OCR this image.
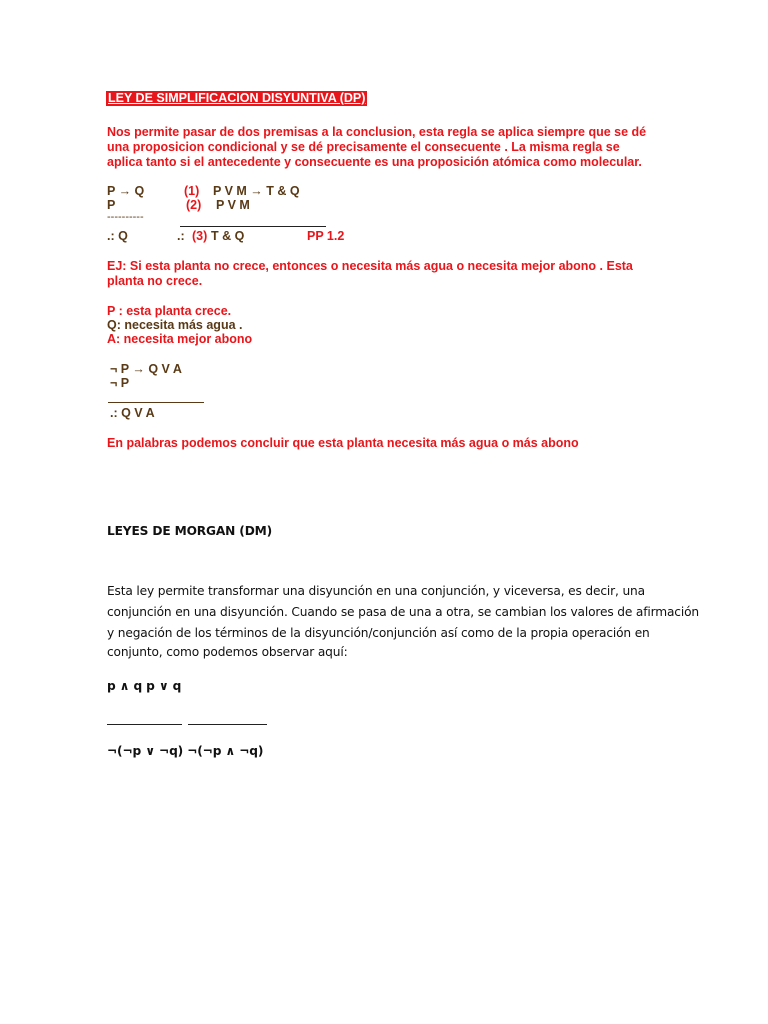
LEY DE SIMPLIFICACION DISYUNTIVA (DP)
Nos permite pasar de dos premisas a la conclusion, esta regla se aplica siempre que se dé
una proposicion condicional y se dé precisamente el consecuente . La misma regla se
aplica tanto si el antecedente y consecuente es una proposición atómica como molecular.
P → Q
P
----------
.: Q
(1) P V M → T & Q
(2) P V M
.: (3) T & Q	PP 1.2
EJ: Si esta planta no crece, entonces o necesita más agua o necesita mejor abono . Esta
planta no crece.
P : esta planta crece.
Q: necesita más agua .
A: necesita mejor abono
¬ P → Q V A
¬ P
.: Q V A
En palabras podemos concluir que esta planta necesita más agua o más abono
LEYES DE MORGAN (DM)
Esta ley permite transformar una disyunción en una conjunción, y viceversa, es decir, una
conjunción en una disyunción. Cuando se pasa de una a otra, se cambian los valores de afirmación
y negación de los términos de la disyunción/conjunción así como de la propia operación en
conjunto, como podemos observar aquí:
p ∧ q p ∨ q
¬(¬p ∨ ¬q) ¬(¬p ∧ ¬q)
